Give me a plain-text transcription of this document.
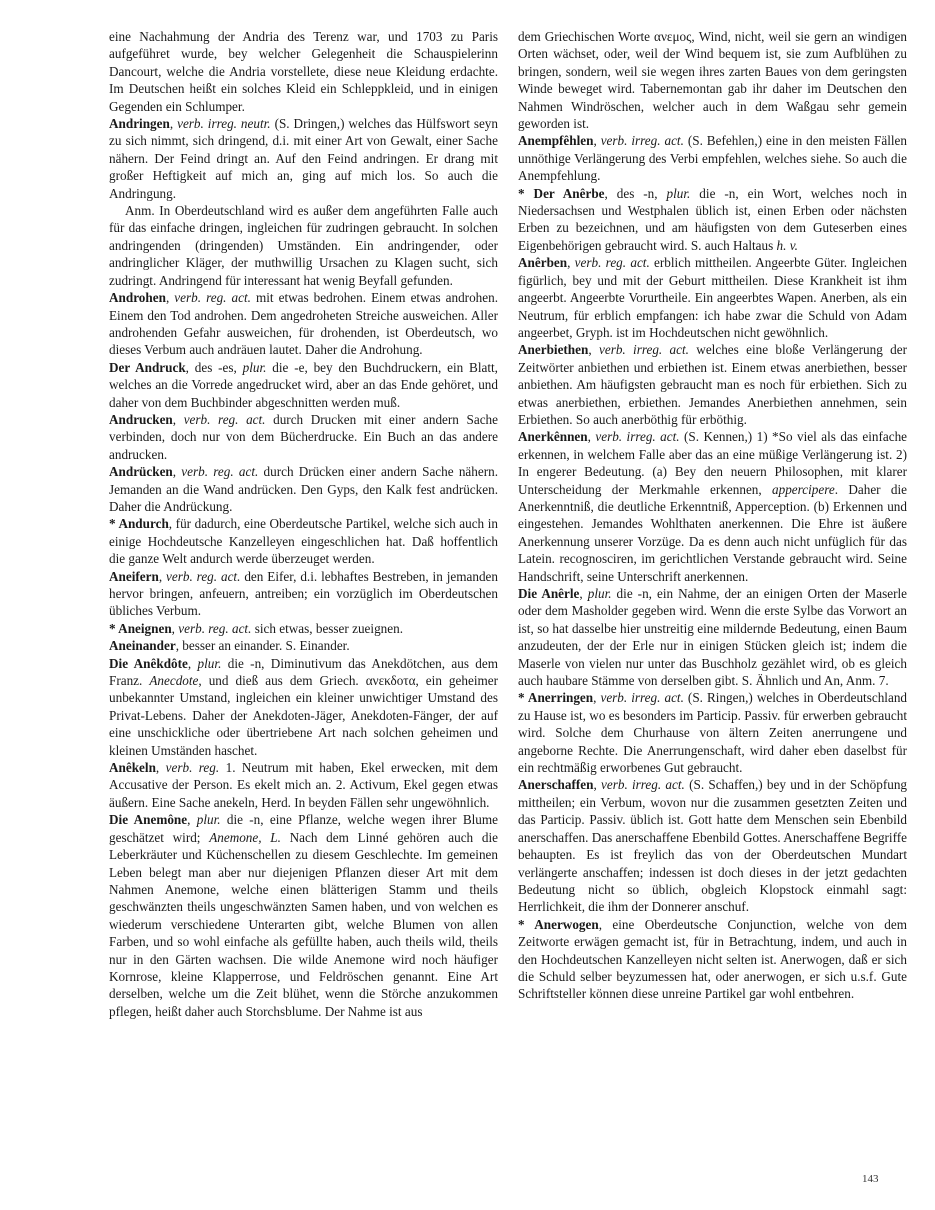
eine Nachahmung der Andria des Terenz war, und 1703 zu Paris aufgeführet wurde, bey welcher Gelegenheit die Schauspielerinn Dancourt, welche die Andria vorstellete, diese neue Kleidung erdachte. Im Deutschen heißt ein solches Kleid ein Schleppkleid, und in einigen Gegenden ein Schlumper.

Andringen, verb. irreg. neutr. (S. Dringen,) welches das Hülfswort seyn zu sich nimmt, sich dringend, d.i. mit einer Art von Gewalt, einer Sache nähern. Der Feind dringt an. Auf den Feind andringen. Er drang mit großer Heftigkeit auf mich an, ging auf mich los. So auch die Andringung.

Anm. In Oberdeutschland wird es außer dem angeführten Falle auch für das einfache dringen, ingleichen für zudringen gebraucht. In solchen andringenden (dringenden) Umständen. Ein andringender, oder andringlicher Kläger, der muthwillig Ursachen zu Klagen sucht, sich zudringt. Andringend für interessant hat wenig Beyfall gefunden.

Androhen, verb. reg. act. mit etwas bedrohen. Einem etwas androhen. Einem den Tod androhen. Dem angedroheten Streiche ausweichen. Aller androhenden Gefahr ausweichen, für drohenden, ist Oberdeutsch, wo dieses Verbum auch andräuen lautet. Daher die Androhung.

Der Andruck, des -es, plur. die -e, bey den Buchdruckern, ein Blatt, welches an die Vorrede angedrucket wird, aber an das Ende gehöret, und daher von dem Buchbinder abgeschnitten werden muß.

Andrucken, verb. reg. act. durch Drucken mit einer andern Sache verbinden, doch nur von dem Bücherdrucke. Ein Buch an das andere andrucken.

Andrücken, verb. reg. act. durch Drücken einer andern Sache nähern. Jemanden an die Wand andrücken. Den Gyps, den Kalk fest andrücken. Daher die Andrückung.

* Andurch, für dadurch, eine Oberdeutsche Partikel, welche sich auch in einige Hochdeutsche Kanzelleyen eingeschlichen hat. Daß hoffentlich die ganze Welt andurch werde überzeuget werden.

Aneifern, verb. reg. act. den Eifer, d.i. lebhaftes Bestreben, in jemanden hervor bringen, anfeuern, antreiben; ein vorzüglich im Oberdeutschen übliches Verbum.

* Aneignen, verb. reg. act. sich etwas, besser zueignen.

Aneinander, besser an einander. S. Einander.

Die Anêkdôte, plur. die -n, Diminutivum das Anekdötchen, aus dem Franz. Anecdote, und dieß aus dem Griech. ανεκδοτα, ein geheimer unbekannter Umstand, ingleichen ein kleiner unwichtiger Umstand des Privat-Lebens. Daher der Anekdoten-Jäger, Anekdoten-Fänger, der auf eine unschickliche oder übertriebene Art nach solchen geheimen und kleinen Umständen haschet.

Anêkeln, verb. reg. 1. Neutrum mit haben, Ekel erwecken, mit dem Accusative der Person. Es ekelt mich an. 2. Activum, Ekel gegen etwas äußern. Eine Sache anekeln, Herd. In beyden Fällen sehr ungewöhnlich.

Die Anemône, plur. die -n, eine Pflanze, welche wegen ihrer Blume geschätzet wird; Anemone, L. Nach dem Linné gehören auch die Leberkräuter und Küchenschellen zu diesem Geschlechte. Im gemeinen Leben belegt man aber nur diejenigen Pflanzen dieser Art mit dem Nahmen Anemone, welche einen blätterigen Stamm und theils geschwänzten theils ungeschwänzten Samen haben, und von welchen es wiederum verschiedene Unterarten gibt, welche Blumen von allen Farben, und so wohl einfache als gefüllte haben, auch theils wild, theils nur in den Gärten wachsen. Die wilde Anemone wird noch häufiger Kornrose, kleine Klapperrose, und Feldröschen genannt. Eine Art derselben, welche um die Zeit blühet, wenn die Störche anzukommen pflegen, heißt daher auch Storchsblume. Der Nahme ist aus

dem Griechischen Worte ανεμος, Wind, nicht, weil sie gern an windigen Orten wächset, oder, weil der Wind bequem ist, sie zum Aufblühen zu bringen, sondern, weil sie wegen ihres zarten Baues von dem geringsten Winde beweget wird. Tabernemontan gab ihr daher im Deutschen den Nahmen Windröschen, welcher auch in dem Waßgau sehr gemein geworden ist.

Anempfêhlen, verb. irreg. act. (S. Befehlen,) eine in den meisten Fällen unnöthige Verlängerung des Verbi empfehlen, welches siehe. So auch die Anempfehlung.

* Der Anêrbe, des -n, plur. die -n, ein Wort, welches noch in Niedersachsen und Westphalen üblich ist, einen Erben oder nächsten Erben zu bezeichnen, und am häufigsten von dem Guteserben eines Eigenbehörigen gebraucht wird. S. auch Haltaus h. v.

Anêrben, verb. reg. act. erblich mittheilen. Angeerbte Güter. Ingleichen figürlich, bey und mit der Geburt mittheilen. Diese Krankheit ist ihm angeerbt. Angeerbte Vorurtheile. Ein angeerbtes Wapen. Anerben, als ein Neutrum, für erblich empfangen: ich habe zwar die Schuld von Adam angeerbet, Gryph. ist im Hochdeutschen nicht gewöhnlich.

Anerbiethen, verb. irreg. act. welches eine bloße Verlängerung der Zeitwörter anbiethen und erbiethen ist. Einem etwas anerbiethen, besser anbiethen. Am häufigsten gebraucht man es noch für erbiethen. Sich zu etwas anerbiethen, erbiethen. Jemandes Anerbiethen annehmen, sein Erbiethen. So auch anerböthig für erböthig.

Anerkênnen, verb. irreg. act. (S. Kennen,) 1) *So viel als das einfache erkennen, in welchem Falle aber das an eine müßige Verlängerung ist. 2) In engerer Bedeutung. (a) Bey den neuern Philosophen, mit klarer Unterscheidung der Merkmahle erkennen, appercipere. Daher die Anerkenntniß, die deutliche Erkenntniß, Apperception. (b) Erkennen und eingestehen. Jemandes Wohlthaten anerkennen. Die Ehre ist äußere Anerkennung unserer Vorzüge. Da es denn auch nicht unfüglich für das Latein. recognosciren, im gerichtlichen Verstande gebraucht wird. Seine Handschrift, seine Unterschrift anerkennen.

Die Anêrle, plur. die -n, ein Nahme, der an einigen Orten der Maserle oder dem Masholder gegeben wird. Wenn die erste Sylbe das Vorwort an ist, so hat dasselbe hier unstreitig eine mildernde Bedeutung, einen Baum anzudeuten, der der Erle nur in einigen Stücken gleich ist; indem die Maserle von vielen nur unter das Buschholz gezählet wird, ob es gleich auch haubare Stämme von derselben gibt. S. Ähnlich und An, Anm. 7.

* Anerringen, verb. irreg. act. (S. Ringen,) welches in Oberdeutschland zu Hause ist, wo es besonders im Particip. Passiv. für erwerben gebraucht wird. Solche dem Churhause von ältern Zeiten anerrungene und angeborne Rechte. Die Anerrungenschaft, wird daher eben daselbst für ein rechtmäßig erworbenes Gut gebraucht.

Anerschaffen, verb. irreg. act. (S. Schaffen,) bey und in der Schöpfung mittheilen; ein Verbum, wovon nur die zusammen gesetzten Zeiten und das Particip. Passiv. üblich ist. Gott hatte dem Menschen sein Ebenbild anerschaffen. Das anerschaffene Ebenbild Gottes. Anerschaffene Begriffe behaupten. Es ist freylich das von der Oberdeutschen Mundart verlängerte anschaffen; indessen ist doch dieses in der jetzt gedachten Bedeutung nicht so üblich, obgleich Klopstock einmahl sagt: Herrlichkeit, die ihm der Donnerer anschuf.

* Anerwogen, eine Oberdeutsche Conjunction, welche von dem Zeitworte erwägen gemacht ist, für in Betrachtung, indem, und auch in den Hochdeutschen Kanzelleyen nicht selten ist. Anerwogen, daß er sich die Schuld selber beyzumessen hat, oder anerwogen, er sich u.s.f. Gute Schriftsteller können diese unreine Partikel gar wohl entbehren.

143
